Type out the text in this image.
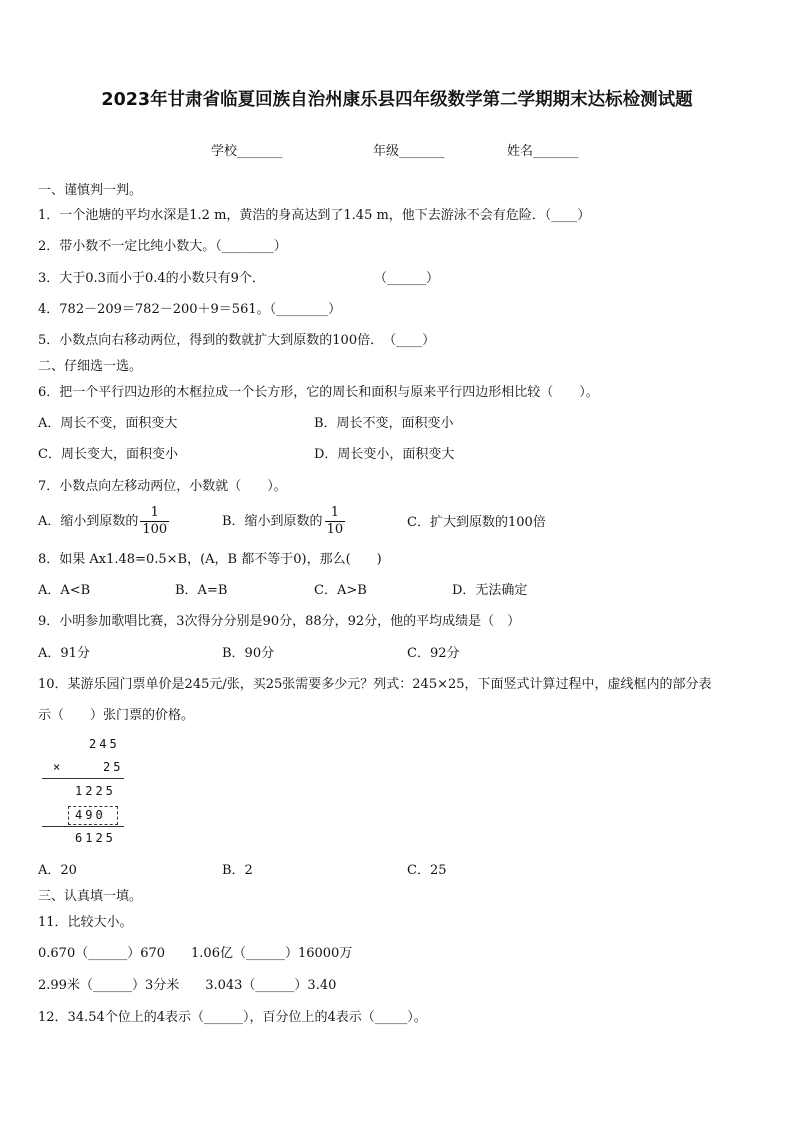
2023年甘肃省临夏回族自治州康乐县四年级数学第二学期期末达标检测试题
学校_______	年级_______	姓名_______
一、谨慎判一判。
1．一个池塘的平均水深是1.2 m，黄浩的身高达到了1.45 m，他下去游泳不会有危险．（____）
2．带小数不一定比纯小数大。（________）
3．大于0.3而小于0.4的小数只有9个．	（______）
4．782－209＝782－200＋9＝561。（________）
5．小数点向右移动两位，得到的数就扩大到原数的100倍．　（____）
二、仔细选一选。
6．把一个平行四边形的木框拉成一个长方形，它的周长和面积与原来平行四边形相比较（　　）。
A．周长不变，面积变大	B．周长不变，面积变小
C．周长变大，面积变小	D．周长变小，面积变大
7．小数点向左移动两位，小数就（　　）。
A．缩小到原数的 $\frac{1}{100}$	B．缩小到原数的 $\frac{1}{10}$	C．扩大到原数的100倍
8．如果 Ax1.48=0.5×B，(A，B 都不等于0)，那么(　　)
A．A<B	B．A=B	C．A>B	D．无法确定
9．小明参加歌唱比赛，3次得分分别是90分，88分，92分，他的平均成绩是（　）
A．91分	B．90分	C．92分
10．某游乐园门票单价是245元/张，买25张需要多少元？列式：245×25，下面竖式计算过程中，虚线框内的部分表
示（　　）张门票的价格。
245
×	25
1225
490
6125
A．20	B．2	C．25
三、认真填一填。
11．比较大小。
0.670（______）670　　1.06亿（______）16000万
2.99米（______）3分米　　3.043（______）3.40
12．34.54个位上的4表示（______），百分位上的4表示（_____）。
